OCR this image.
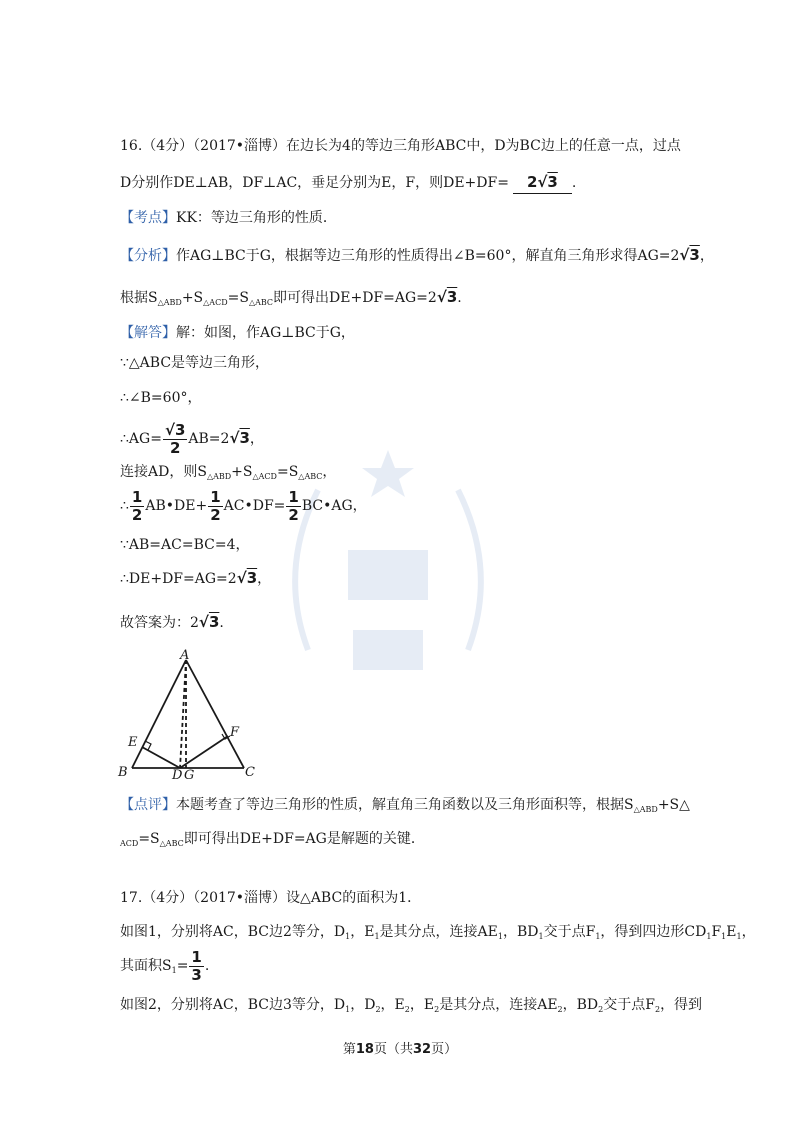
16.（4分）（2017•淄博）在边长为4的等边三角形ABC中，D为BC边上的任意一点，过点
D分别作DE⊥AB，DF⊥AC，垂足分别为E，F，则DE+DF= 2√3 .
【考点】KK：等边三角形的性质．
【分析】作AG⊥BC于G，根据等边三角形的性质得出∠B=60°，解直角三角形求得AG=2√3，
根据$S_{\triangle ABD}+S_{\triangle ACD}=S_{\triangle ABC}$即可得出DE+DF=AG=2√3.
【解答】解：如图，作AG⊥BC于G，
∵△ABC是等边三角形，
∴∠B=60°，
∴AG= $\frac{√3}{2} AB=2√3$，
连接AD，则$S_{\triangle ABD}+S_{\triangle ACD}=S_{\triangle ABC}$，
∴ $\frac{1}{2}$ AB•DE+ $\frac{1}{2}$ AC•DF= $\frac{1}{2}$ BC•AG，
∵AB=AC=BC=4，
∴DE+DF=AG=2√3，
故答案为：2√3.
A
B	C
D
E
F
G
【点评】本题考查了等边三角形的性质，解直角三角函数以及三角形面积等，根据$S_{\triangle ABD}+S\triangle$
$_{ACD}=S_{\triangle ABC}$即可得出DE+DF=AG是解题的关键．
17.（4分）（2017•淄博）设△ABC的面积为1．
如图1，分别将AC，BC边2等分，$D_1$，$E_1$是其分点，连接$AE_1$，$BD_1$交于点$F_1$，得到四边形$CD_1F_1E_1$，
其面积$S_1= \frac{1}{3}$ .
如图2，分别将AC，BC边3等分，$D_1$，$D_2$，$E_2$，$E_2$是其分点，连接$AE_2$，$BD_2$交于点$F_2$，得到
第18页（共32页）
